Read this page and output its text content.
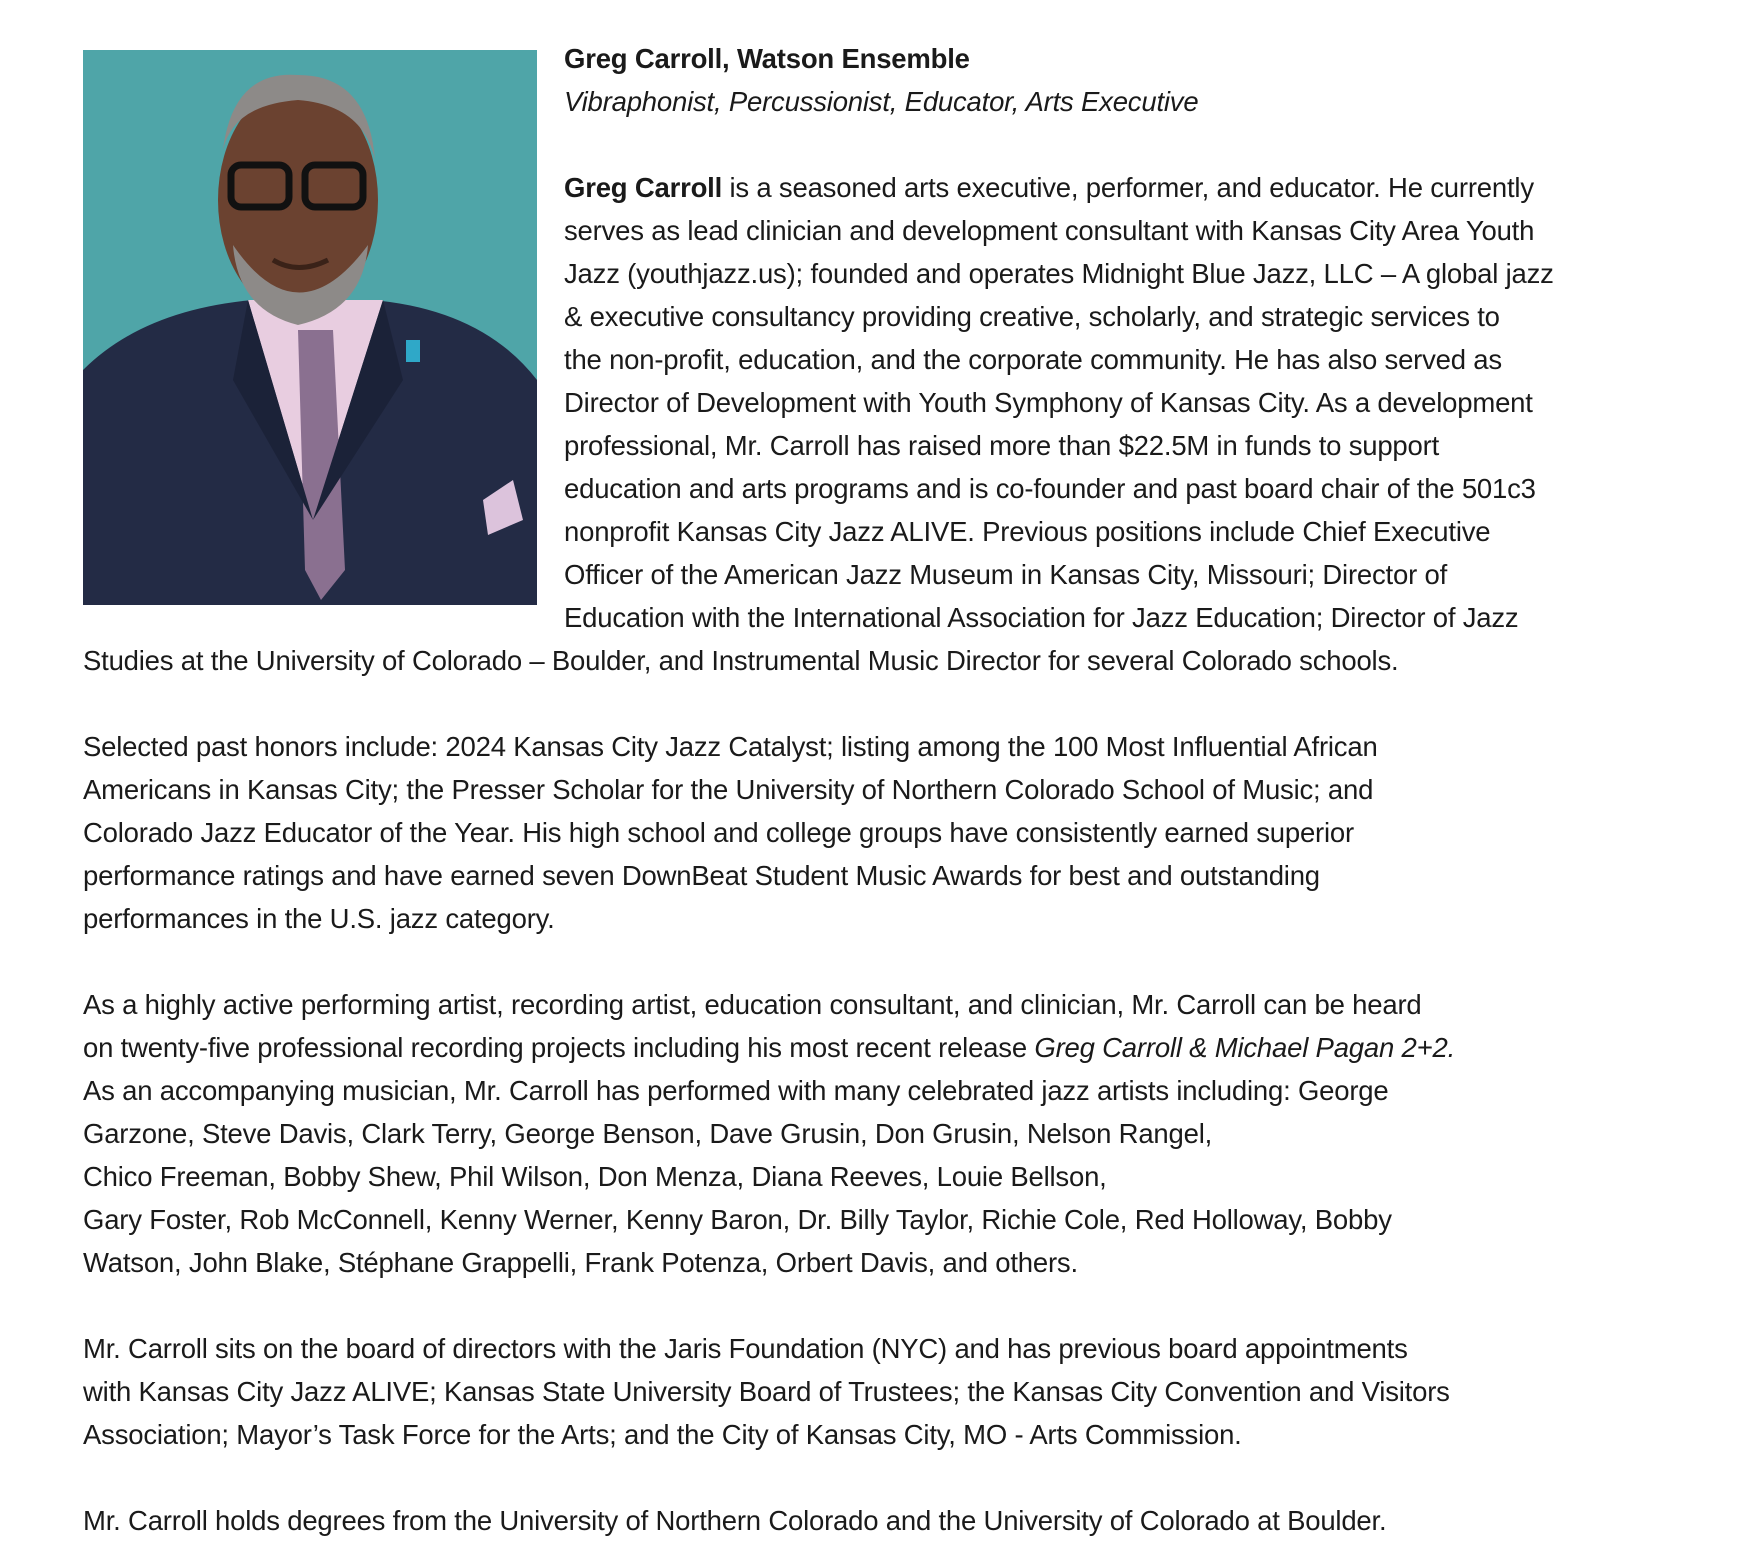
Greg Carroll, Watson Ensemble
Vibraphonist, Percussionist, Educator, Arts Executive
Greg Carroll is a seasoned arts executive, performer, and educator. He currently
serves as lead clinician and development consultant with Kansas City Area Youth
Jazz (youthjazz.us); founded and operates Midnight Blue Jazz, LLC – A global jazz
& executive consultancy providing creative, scholarly, and strategic services to
the non-profit, education, and the corporate community. He has also served as
Director of Development with Youth Symphony of Kansas City. As a development
professional, Mr. Carroll has raised more than $22.5M in funds to support
education and arts programs and is co-founder and past board chair of the 501c3
nonprofit Kansas City Jazz ALIVE. Previous positions include Chief Executive
Officer of the American Jazz Museum in Kansas City, Missouri; Director of
Education with the International Association for Jazz Education; Director of Jazz
Studies at the University of Colorado – Boulder, and Instrumental Music Director for several Colorado schools.
Selected past honors include: 2024 Kansas City Jazz Catalyst; listing among the 100 Most Influential African
Americans in Kansas City; the Presser Scholar for the University of Northern Colorado School of Music; and
Colorado Jazz Educator of the Year. His high school and college groups have consistently earned superior
performance ratings and have earned seven DownBeat Student Music Awards for best and outstanding
performances in the U.S. jazz category.
As a highly active performing artist, recording artist, education consultant, and clinician, Mr. Carroll can be heard
on twenty-five professional recording projects including his most recent release Greg Carroll & Michael Pagan 2+2.
As an accompanying musician, Mr. Carroll has performed with many celebrated jazz artists including: George
Garzone, Steve Davis, Clark Terry, George Benson, Dave Grusin, Don Grusin, Nelson Rangel,
Chico Freeman, Bobby Shew, Phil Wilson, Don Menza, Diana Reeves, Louie Bellson,
Gary Foster, Rob McConnell, Kenny Werner, Kenny Baron, Dr. Billy Taylor, Richie Cole, Red Holloway, Bobby
Watson, John Blake, Stéphane Grappelli, Frank Potenza, Orbert Davis, and others.
Mr. Carroll sits on the board of directors with the Jaris Foundation (NYC) and has previous board appointments
with Kansas City Jazz ALIVE; Kansas State University Board of Trustees; the Kansas City Convention and Visitors
Association; Mayor’s Task Force for the Arts; and the City of Kansas City, MO - Arts Commission.
Mr. Carroll holds degrees from the University of Northern Colorado and the University of Colorado at Boulder.
